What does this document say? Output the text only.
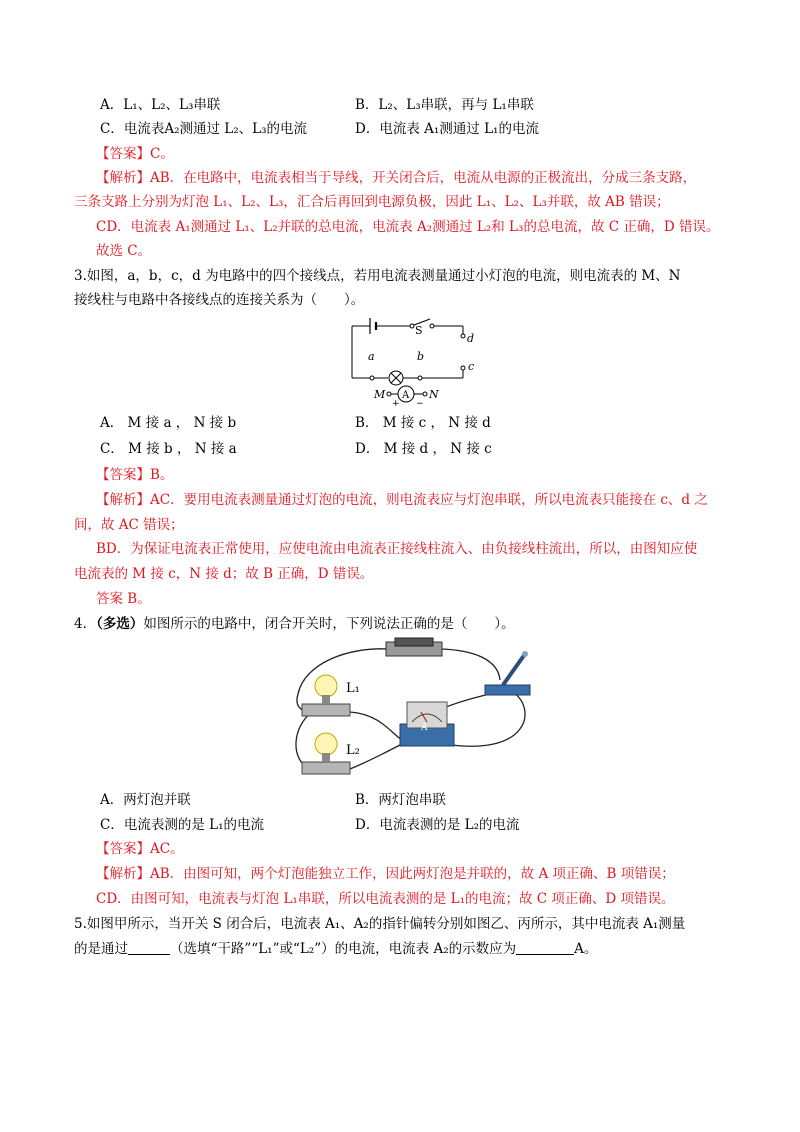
A．L₁、L₂、L₃串联	B．L₂、L₃串联，再与 L₁串联
C．电流表A₂测通过 L₂、L₃的电流	D．电流表 A₁测通过 L₁的电流
【答案】C。
【解析】AB．在电路中，电流表相当于导线，开关闭合后，电流从电源的正极流出，分成三条支路，
三条支路上分别为灯泡 L₁、L₂、L₃，汇合后再回到电源负极，因此 L₁、L₂、L₃并联，故 AB 错误；
CD．电流表 A₁测通过 L₁、L₂并联的总电流，电流表 A₂测通过 L₂和 L₃的总电流，故 C 正确，D 错误。
故选 C。
3.如图，a，b，c，d 为电路中的四个接线点，若用电流表测量通过小灯泡的电流，则电流表的 M、N
接线柱与电路中各接线点的连接关系为（　　）。
S
d
a	b
c
M	N
A
+ −
A． M 接 a ， N 接 b	B． M 接 c ， N 接 d
C． M 接 b ， N 接 a	D． M 接 d ， N 接 c
【答案】B。
【解析】AC．要用电流表测量通过灯泡的电流，则电流表应与灯泡串联，所以电流表只能接在 c、d 之
间，故 AC 错误；
BD．为保证电流表正常使用，应使电流由电流表正接线柱流入、由负接线柱流出，所以，由图知应使
电流表的 M 接 c，N 接 d；故 B 正确，D 错误。
答案 B。
4．（多选）如图所示的电路中，闭合开关时，下列说法正确的是（　　）。
A
L₁
L₂
A．两灯泡并联	B．两灯泡串联
C．电流表测的是 L₁的电流	D．电流表测的是 L₂的电流
【答案】AC。
【解析】AB．由图可知，两个灯泡能独立工作，因此两灯泡是并联的，故 A 项正确、B 项错误；
CD．由图可知，电流表与灯泡 L₁串联，所以电流表测的是 L₁的电流；故 C 项正确、D 项错误。
5.如图甲所示，当开关 S 闭合后，电流表 A₁、A₂的指针偏转分别如图乙、丙所示，其中电流表 A₁测量
的是通过	（选填“干路”“L₁”或“L₂”）的电流，电流表 A₂的示数应为	A。
